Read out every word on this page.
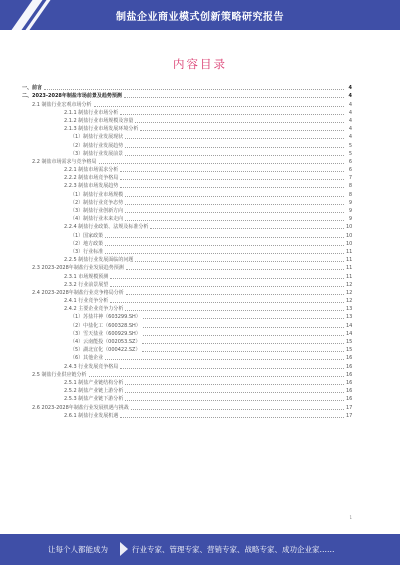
制盐企业商业模式创新策略研究报告
内容目录
一、前言	4
二、2023-2028年制盐市场前景及趋势预测	4
2.1 制盐行业宏观市场分析	4
2.1.1 制盐行业市场分析	4
2.1.2 制盐行业市场规模及容量	4
2.1.3 制盐行业市场发展环境分析	4
（1）制盐行业发展现状	4
（2）制盐行业发展趋势	5
（3）制盐行业发展前景	5
2.2 制盐市场需求与竞争格局	6
2.2.1 制盐市场需求分析	6
2.2.2 制盐市场竞争格局	7
2.2.3 制盐市场发展趋势	8
（1）制盐行业市场规模	8
（2）制盐行业竞争态势	9
（3）制盐行业创新方向	9
（4）制盐行业未来走向	9
2.2.4 制盐行业政策、法规及标准分析	10
（1）国家政策	10
（2）地方政策	10
（3）行业标准	11
2.2.5 制盐行业发展面临的问题	11
2.3 2023-2028年制盐行业发展趋势预测	11
2.3.1 市场规模预测	11
2.3.2 行业前景展望	12
2.4 2023-2028年制盐行业竞争格局分析	12
2.4.1 行业竞争分析	12
2.4.2 主要企业竞争力分析	13
（1）苏盐井神（603299.SH）	13
（2）中盐化工（600328.SH）	14
（3）雪天盐业（600929.SH）	14
（4）云南能投（002053.SZ）	15
（5）湖北宜化（000422.SZ）	15
（6）其他企业	16
2.4.3 行业发展竞争格局	16
2.5 制盐行业供应链分析	16
2.5.1 制盐产业链结构分析	16
2.5.2 制盐产业链上游分析	16
2.5.3 制盐产业链下游分析	16
2.6 2023-2028年制盐行业发展机遇与挑战	17
2.6.1 制盐行业发展机遇	17
1
让每个人都能成为	行业专家、管理专家、营销专家、战略专家、成功企业家……
